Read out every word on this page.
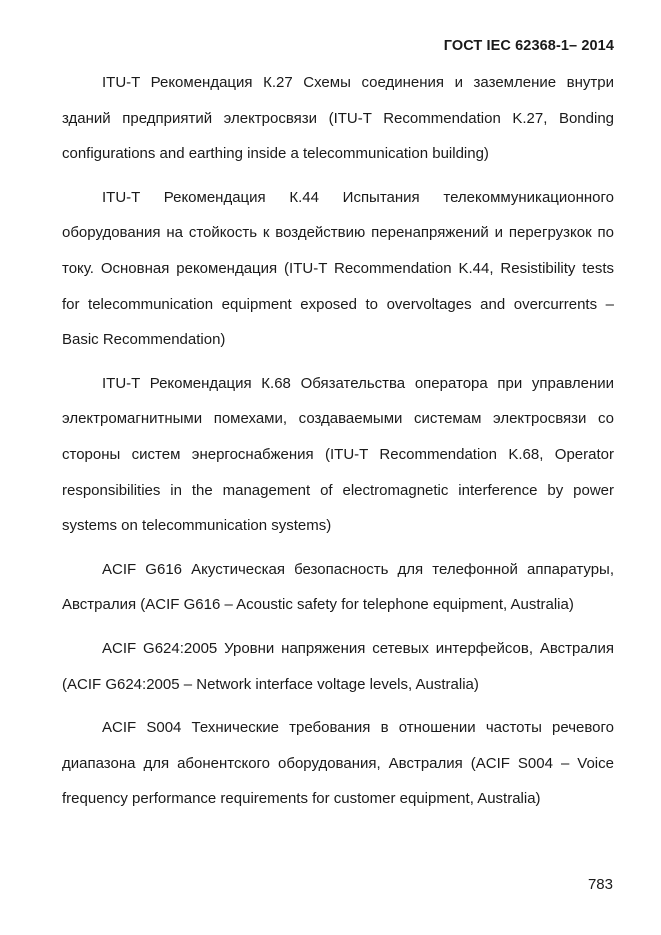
ГОСТ IEC 62368-1– 2014

ITU-T Рекомендация К.27 Схемы соединения и заземление внутри зданий предприятий электросвязи (ITU-T Recommendation K.27, Bonding configurations and earthing inside a telecommunication building)

ITU-T Рекомендация К.44 Испытания телекоммуникационного оборудования на стойкость к воздействию перенапряжений и перегрузкок по току. Основная рекомендация (ITU-T Recommendation K.44, Resistibility tests for telecommunication equipment exposed to overvoltages and overcurrents – Basic Recommendation)

ITU-T Рекомендация К.68 Обязательства оператора при управлении электромагнитными помехами, создаваемыми системам электросвязи со стороны систем энергоснабжения (ITU-T Recommendation K.68, Operator responsibilities in the management of electromagnetic interference by power systems on telecommunication systems)

ACIF G616 Акустическая безопасность для телефонной аппаратуры, Австралия (ACIF G616 – Acoustic safety for telephone equipment, Australia)

ACIF G624:2005 Уровни напряжения сетевых интерфейсов, Австралия (ACIF G624:2005 – Network interface voltage levels, Australia)

ACIF S004 Технические требования в отношении частоты речевого диапазона для абонентского оборудования, Австралия (ACIF S004 – Voice frequency performance requirements for customer equipment, Australia)

783
